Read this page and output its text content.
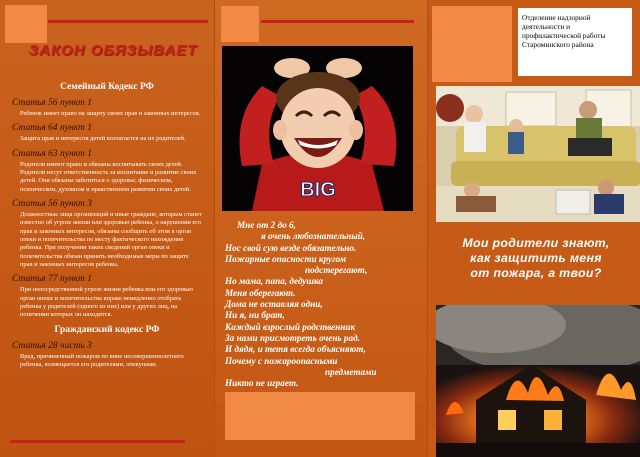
ЗАКОН ОБЯЗЫВАЕТ
Семейный Кодекс РФ
Статья 56 пункт 1
Ребенок имеет право на защиту своих прав и законных интересов.
Статья 64 пункт 1
Защита прав и интересов детей возлагается на их родителей.
Статья 63 пункт 1
Родители имеют право и обязаны воспитывать своих детей. Родители несут ответственность за воспитание и развитие своих детей. Они обязаны заботиться о здоровье, физическом, психическом, духовном и нравственном развитии своих детей.
Статья 56 пункт 3
Должностные лица организаций и иные граждане, которым станет известно об угрозе жизни или здоровью ребенка, о нарушении его прав и законных интересов, обязаны сообщить об этом в орган опеки и попечительства по месту фактического нахождения ребенка. При получении таких сведений орган опеки и попечительства обязан принять необходимые меры по защите прав и законных интересов ребенка.
Статья 77 пункт 1
При непосредственной угрозе жизни ребенка или его здоровью орган опеки и попечительства вправе немедленно отобрать ребенка у родителей (одного из них) или у других лиц, на попечении которых он находится.
Гражданский кодекс РФ
Статья 28 часть 3
Вред, причиненный пожаром по вине несовершеннолетнего ребенка, возмещается его родителями, опекунами.
BIG
Мне от 2 до 6,
я очень любознательный,
Нос свой сую везде обязательно.
Пожарные опасности кругом
подстерегают,
Но мама, папа, дедушка
Меня оберегают.
Дома не оставляя одни,
Ни я, ни брат,
Каждый взрослый родственник
За нами присмотреть очень рад.
И дядя, и тетя всегда объясняют,
Почему с пожароопасными
предметами
Никто не играет.
Отделение надзорной деятельности и профилактической работы Староминского района
Мои родители знают,
как защитить меня
от пожара, а твои?
